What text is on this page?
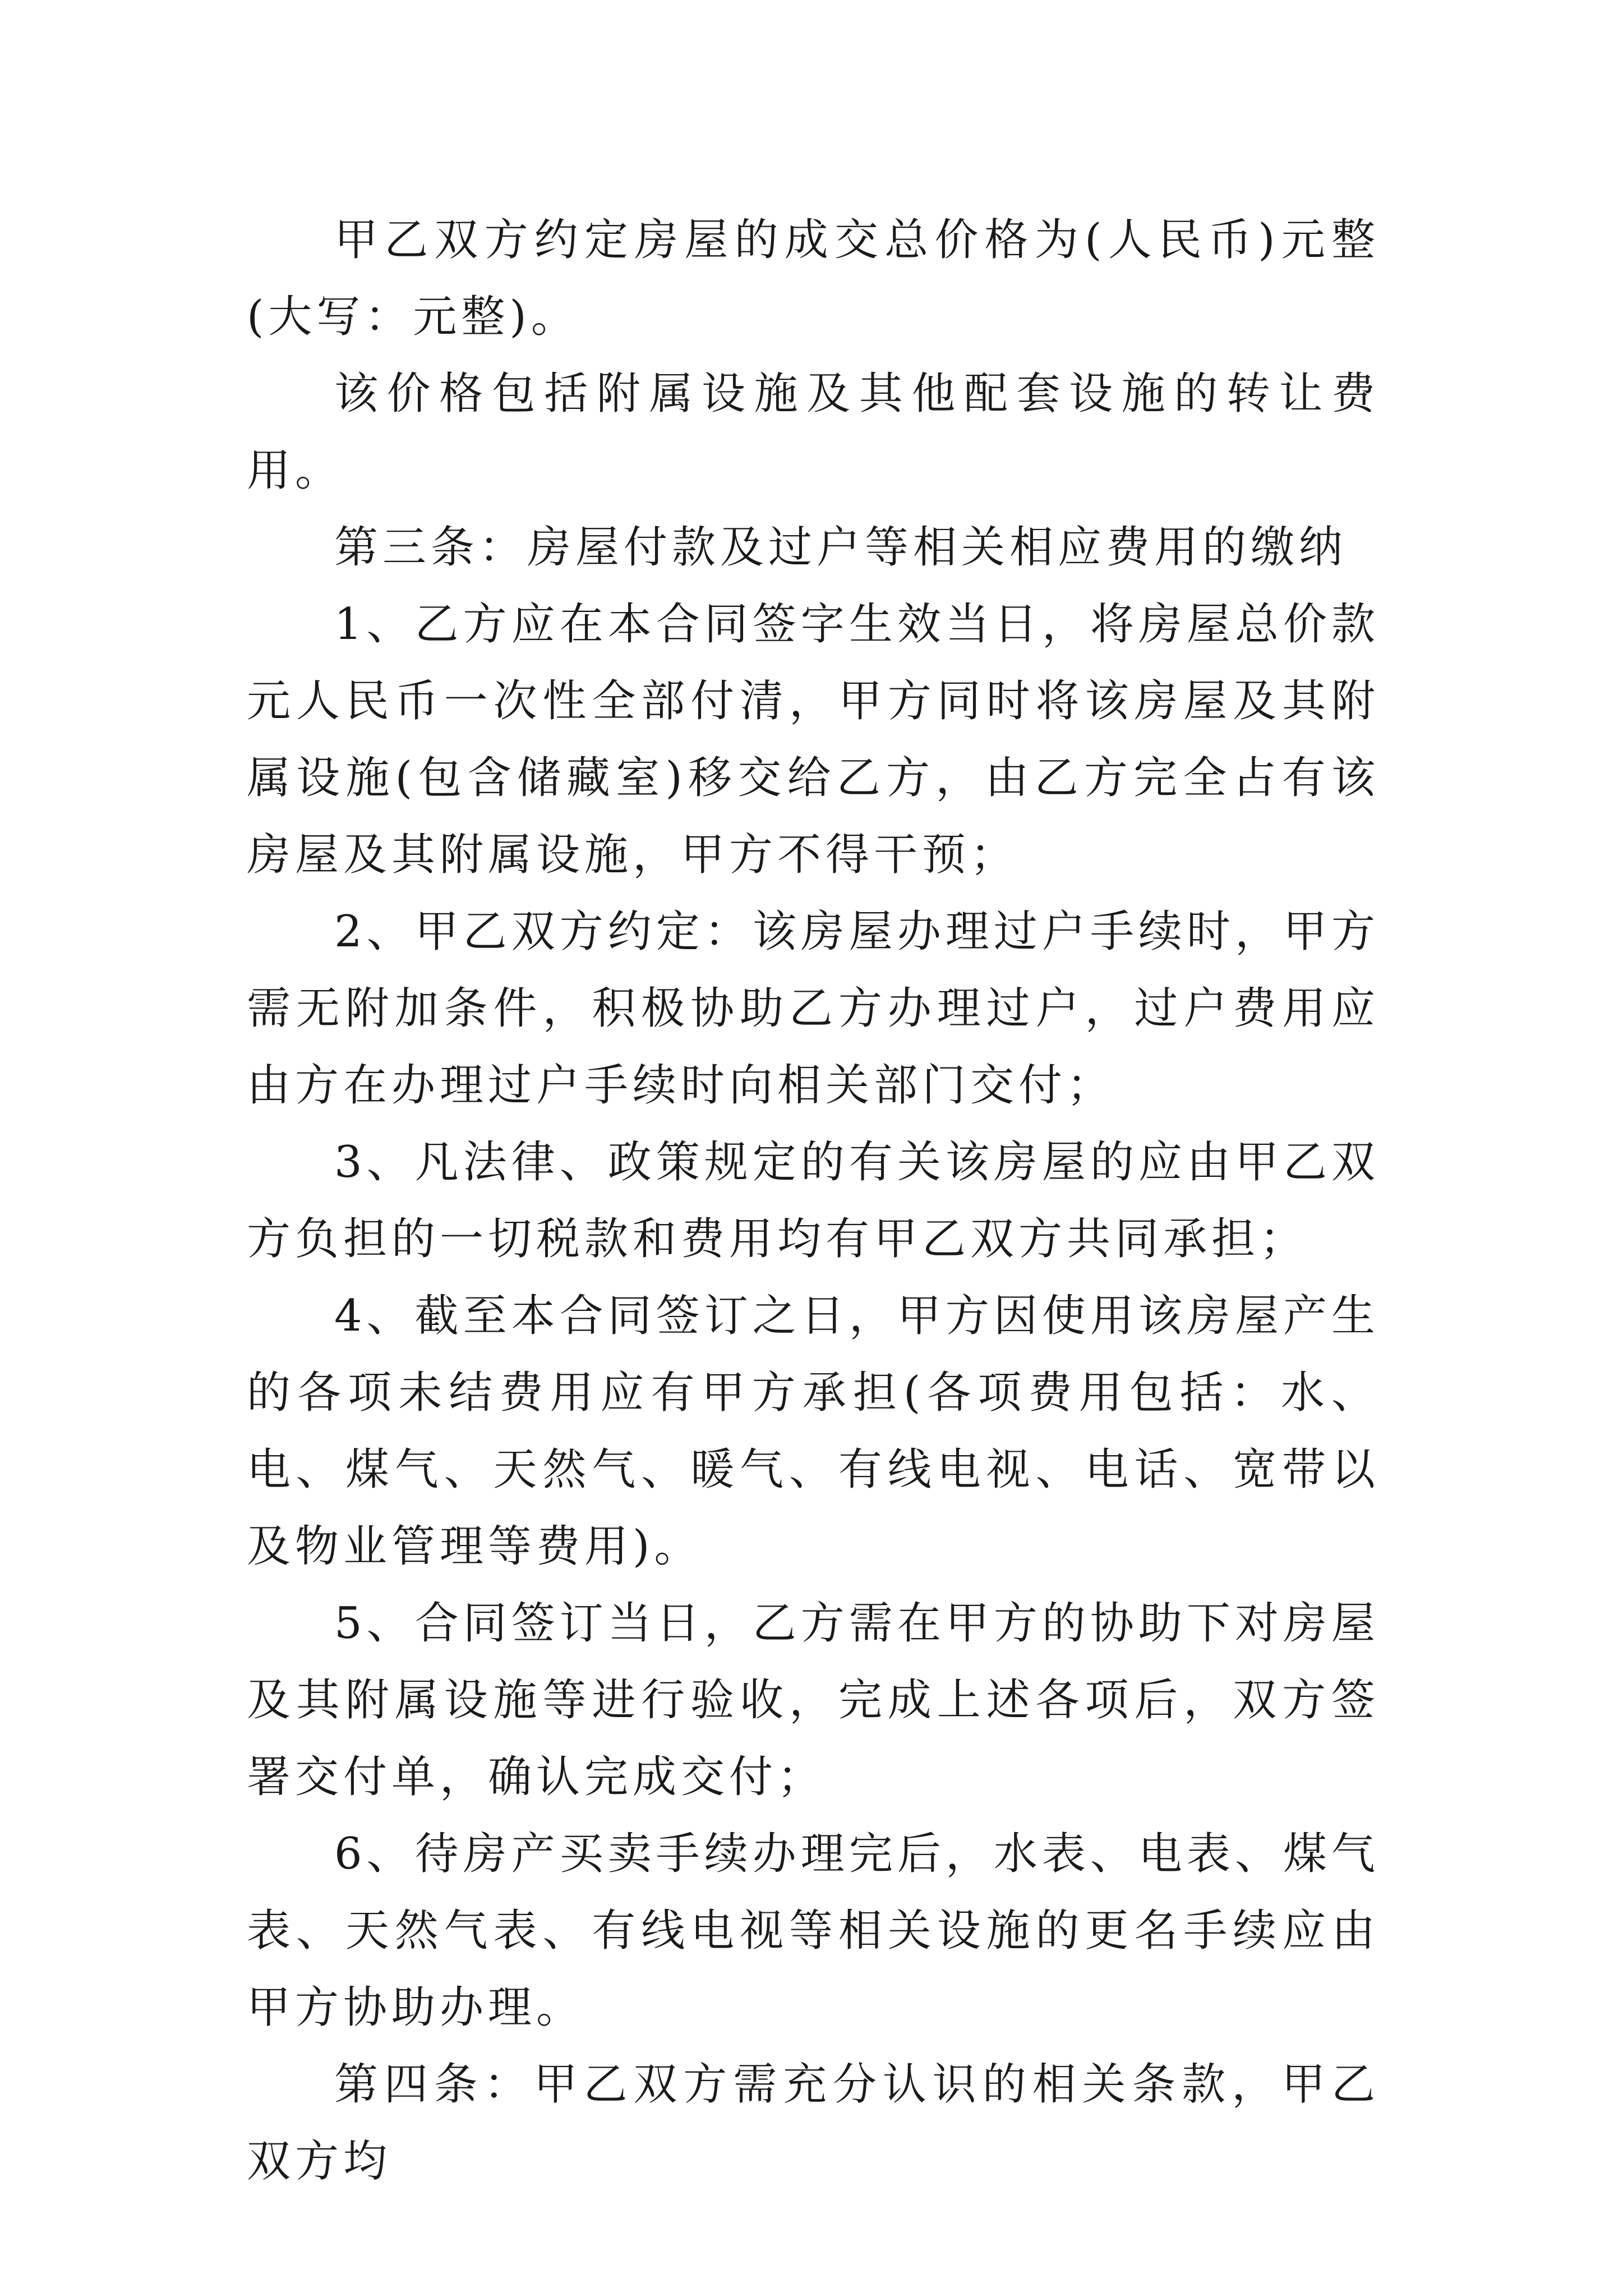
甲乙双方约定房屋的成交总价格为(人民币)元整(大写：元整)。

该价格包括附属设施及其他配套设施的转让费用。

第三条：房屋付款及过户等相关相应费用的缴纳

1、乙方应在本合同签字生效当日，将房屋总价款元人民币一次性全部付清，甲方同时将该房屋及其附属设施(包含储藏室)移交给乙方，由乙方完全占有该房屋及其附属设施，甲方不得干预；

2、甲乙双方约定：该房屋办理过户手续时，甲方需无附加条件，积极协助乙方办理过户，过户费用应由方在办理过户手续时向相关部门交付；

3、凡法律、政策规定的有关该房屋的应由甲乙双方负担的一切税款和费用均有甲乙双方共同承担；

4、截至本合同签订之日，甲方因使用该房屋产生的各项未结费用应有甲方承担(各项费用包括：水、电、煤气、天然气、暖气、有线电视、电话、宽带以及物业管理等费用)。

5、合同签订当日，乙方需在甲方的协助下对房屋及其附属设施等进行验收，完成上述各项后，双方签署交付单，确认完成交付；

6、待房产买卖手续办理完后，水表、电表、煤气表、天然气表、有线电视等相关设施的更名手续应由甲方协助办理。

第四条：甲乙双方需充分认识的相关条款，甲乙双方均
